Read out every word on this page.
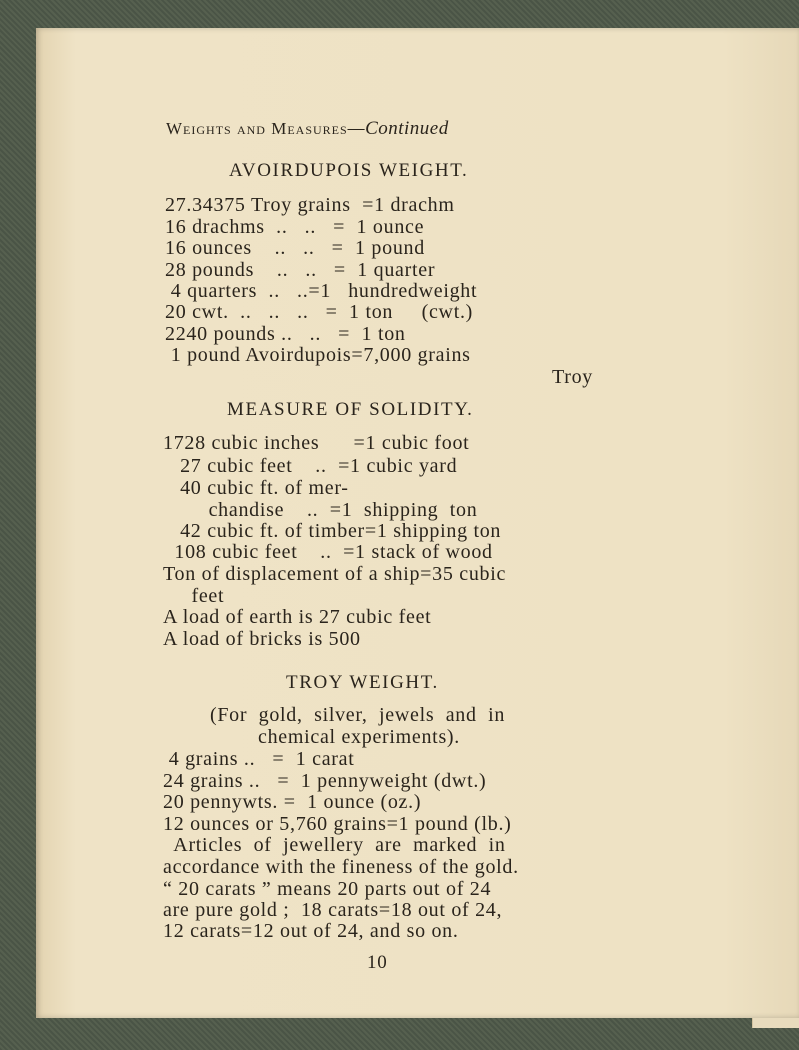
Weights and Measures—Continued
AVOIRDUPOIS WEIGHT.
27.34375 Troy grains  =1 drachm
16 drachms  ..   ..   =  1 ounce
16 ounces    ..   ..   =  1 pound
28 pounds    ..   ..   =  1 quarter
4 quarters  ..   ..=1   hundredweight
20 cwt.  ..   ..   ..   =  1 ton     (cwt.)
2240 pounds ..   ..   =  1 ton
1 pound Avoirdupois=7,000 grains
Troy
MEASURE OF SOLIDITY.
1728 cubic inches      =1 cubic foot
27 cubic feet    ..  =1 cubic yard
40 cubic ft. of mer-
chandise    ..  =1  shipping  ton
42 cubic ft. of timber=1 shipping ton
108 cubic feet    ..  =1 stack of wood
Ton of displacement of a ship=35 cubic
feet
A load of earth is 27 cubic feet
A load of bricks is 500
TROY WEIGHT.
(For  gold,  silver,  jewels  and  in
chemical experiments).
4 grains ..   =  1 carat
24 grains ..   =  1 pennyweight (dwt.)
20 pennywts. =  1 ounce (oz.)
12 ounces or 5,760 grains=1 pound (lb.)
Articles  of  jewellery  are  marked  in
accordance with the fineness of the gold.
“ 20 carats ” means 20 parts out of 24
are pure gold ;  18 carats=18 out of 24,
12 carats=12 out of 24, and so on.
10
